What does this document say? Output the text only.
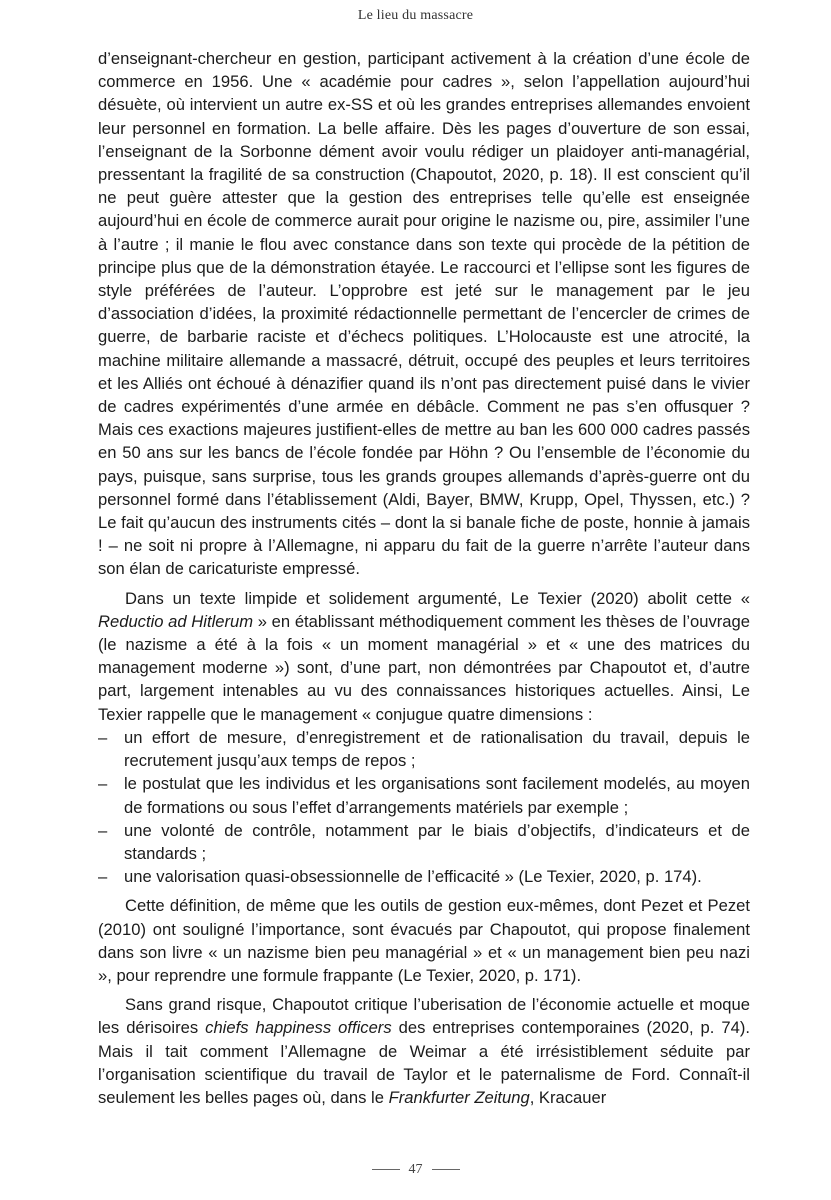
Le lieu du massacre

d’enseignant-chercheur en gestion, participant activement à la création d’une école de commerce en 1956. Une « académie pour cadres », selon l’appellation aujourd’hui désuète, où intervient un autre ex-SS et où les grandes entreprises allemandes envoient leur personnel en formation. La belle affaire. Dès les pages d’ouverture de son essai, l’enseignant de la Sorbonne dément avoir voulu rédiger un plaidoyer anti-managérial, pressentant la fragilité de sa construction (Chapoutot, 2020, p. 18). Il est conscient qu’il ne peut guère attester que la gestion des entreprises telle qu’elle est enseignée aujourd’hui en école de commerce aurait pour origine le nazisme ou, pire, assimiler l’une à l’autre ; il manie le flou avec constance dans son texte qui procède de la pétition de principe plus que de la démonstration étayée. Le raccourci et l’ellipse sont les figures de style préférées de l’auteur. L’opprobre est jeté sur le management par le jeu d’association d’idées, la proximité rédactionnelle permettant de l’encercler de crimes de guerre, de barbarie raciste et d’échecs politiques. L’Holocauste est une atrocité, la machine militaire allemande a massacré, détruit, occupé des peuples et leurs territoires et les Alliés ont échoué à dénazifier quand ils n’ont pas directement puisé dans le vivier de cadres expérimentés d’une armée en débâcle. Comment ne pas s’en offusquer ? Mais ces exactions majeures justifient-elles de mettre au ban les 600 000 cadres passés en 50 ans sur les bancs de l’école fondée par Höhn ? Ou l’ensemble de l’économie du pays, puisque, sans surprise, tous les grands groupes allemands d’après-guerre ont du personnel formé dans l’établissement (Aldi, Bayer, BMW, Krupp, Opel, Thyssen, etc.) ? Le fait qu’aucun des instruments cités – dont la si banale fiche de poste, honnie à jamais ! – ne soit ni propre à l’Allemagne, ni apparu du fait de la guerre n’arrête l’auteur dans son élan de caricaturiste empressé.

Dans un texte limpide et solidement argumenté, Le Texier (2020) abolit cette « Reductio ad Hitlerum » en établissant méthodiquement comment les thèses de l’ouvrage (le nazisme a été à la fois « un moment managérial » et « une des matrices du management moderne ») sont, d’une part, non démontrées par Chapoutot et, d’autre part, largement intenables au vu des connaissances historiques actuelles. Ainsi, Le Texier rappelle que le management « conjugue quatre dimensions :

– un effort de mesure, d’enregistrement et de rationalisation du travail, depuis le recrutement jusqu’aux temps de repos ;
– le postulat que les individus et les organisations sont facilement modelés, au moyen de formations ou sous l’effet d’arrangements matériels par exemple ;
– une volonté de contrôle, notamment par le biais d’objectifs, d’indicateurs et de standards ;
– une valorisation quasi-obsessionnelle de l’efficacité » (Le Texier, 2020, p. 174).

Cette définition, de même que les outils de gestion eux-mêmes, dont Pezet et Pezet (2010) ont souligné l’importance, sont évacués par Chapoutot, qui propose finalement dans son livre « un nazisme bien peu managérial » et « un management bien peu nazi », pour reprendre une formule frappante (Le Texier, 2020, p. 171).

Sans grand risque, Chapoutot critique l’uberisation de l’économie actuelle et moque les dérisoires chiefs happiness officers des entreprises contemporaines (2020, p. 74). Mais il tait comment l’Allemagne de Weimar a été irrésistiblement séduite par l’organisation scientifique du travail de Taylor et le paternalisme de Ford. Connaît-il seulement les belles pages où, dans le Frankfurter Zeitung, Kracauer

47
